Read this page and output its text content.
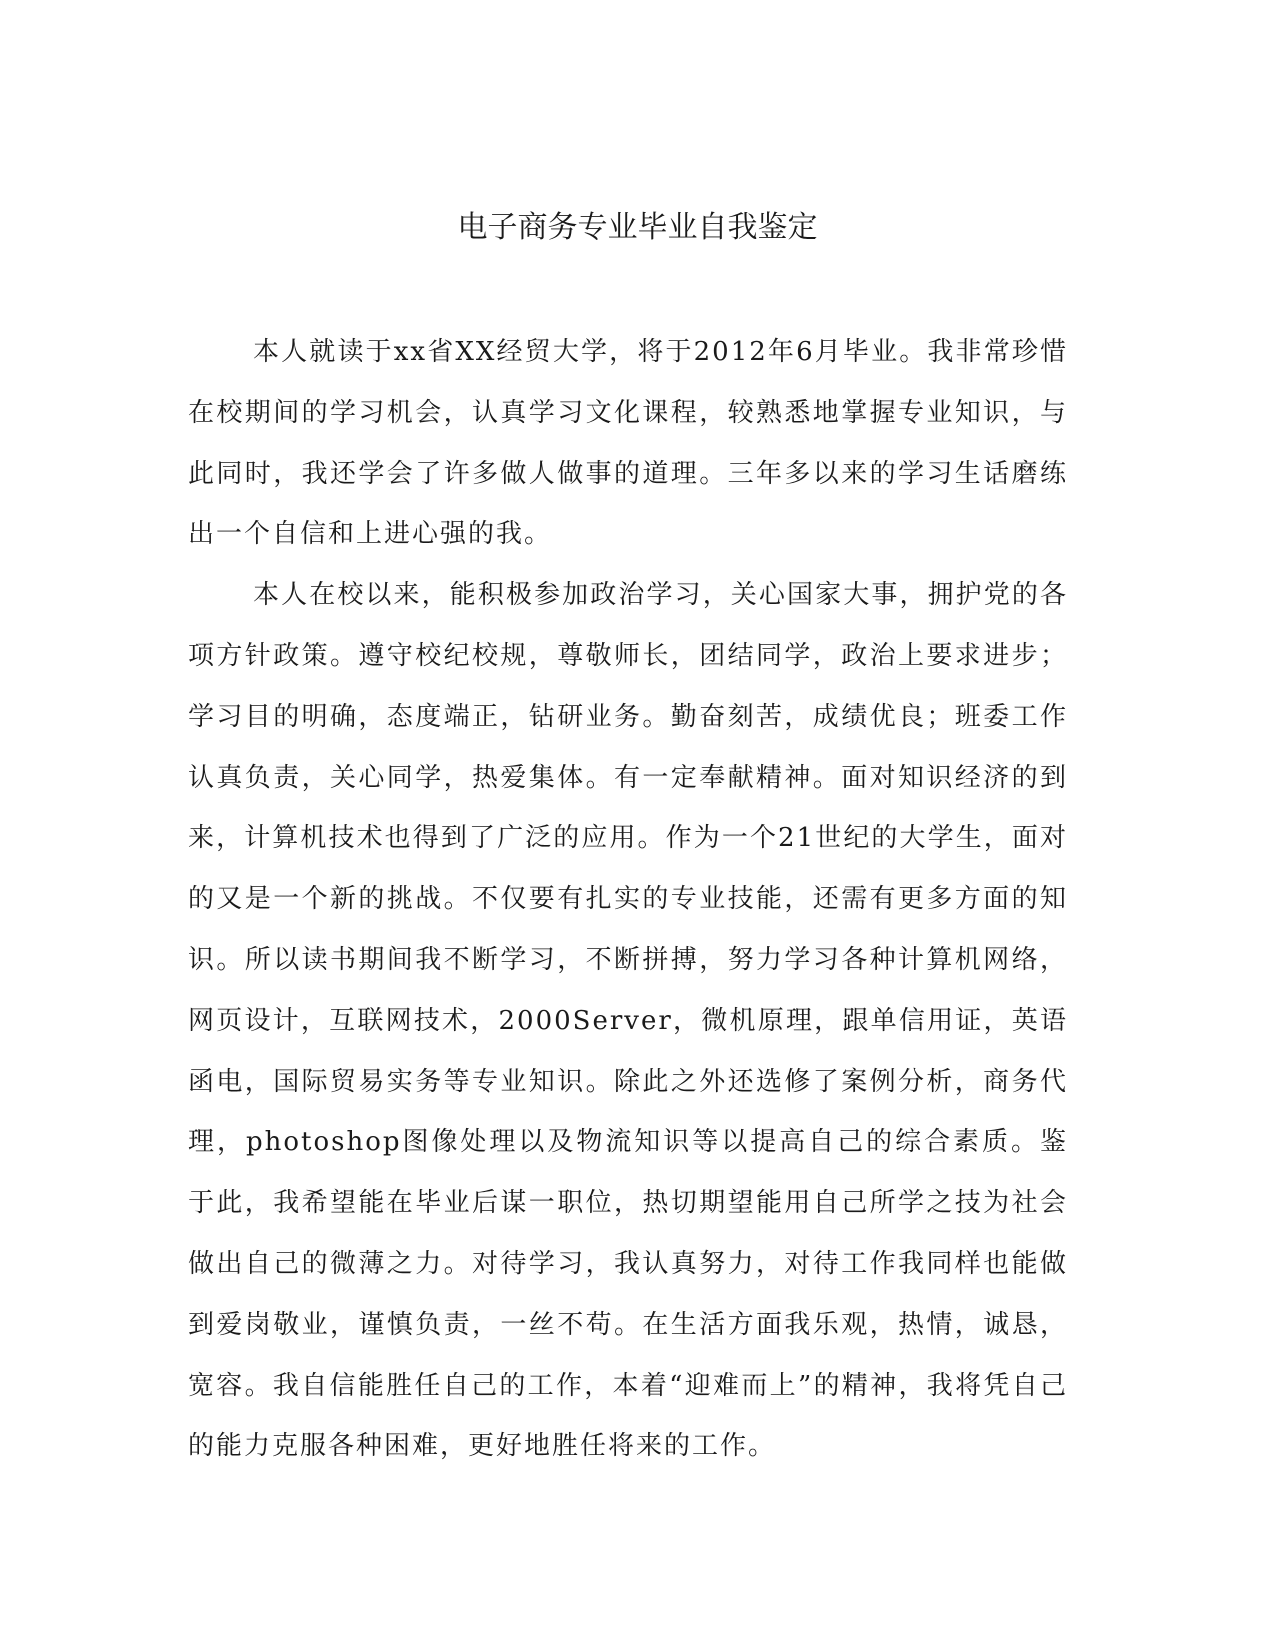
电子商务专业毕业自我鉴定

本人就读于xx省XX经贸大学，将于2012年6月毕业。我非常珍惜在校期间的学习机会，认真学习文化课程，较熟悉地掌握专业知识，与此同时，我还学会了许多做人做事的道理。三年多以来的学习生话磨练出一个自信和上进心强的我。

本人在校以来，能积极参加政治学习，关心国家大事，拥护党的各项方针政策。遵守校纪校规，尊敬师长，团结同学，政治上要求进步；学习目的明确，态度端正，钻研业务。勤奋刻苦，成绩优良；班委工作认真负责，关心同学，热爱集体。有一定奉献精神。面对知识经济的到来，计算机技术也得到了广泛的应用。作为一个21世纪的大学生，面对的又是一个新的挑战。不仅要有扎实的专业技能，还需有更多方面的知识。所以读书期间我不断学习，不断拼搏，努力学习各种计算机网络，网页设计，互联网技术，2000Server，微机原理，跟单信用证，英语函电，国际贸易实务等专业知识。除此之外还选修了案例分析，商务代理，photoshop图像处理以及物流知识等以提高自己的综合素质。鉴于此，我希望能在毕业后谋一职位，热切期望能用自己所学之技为社会做出自己的微薄之力。对待学习，我认真努力，对待工作我同样也能做到爱岗敬业，谨慎负责，一丝不苟。在生活方面我乐观，热情，诚恳，宽容。我自信能胜任自己的工作，本着“迎难而上”的精神，我将凭自己的能力克服各种困难，更好地胜任将来的工作。
